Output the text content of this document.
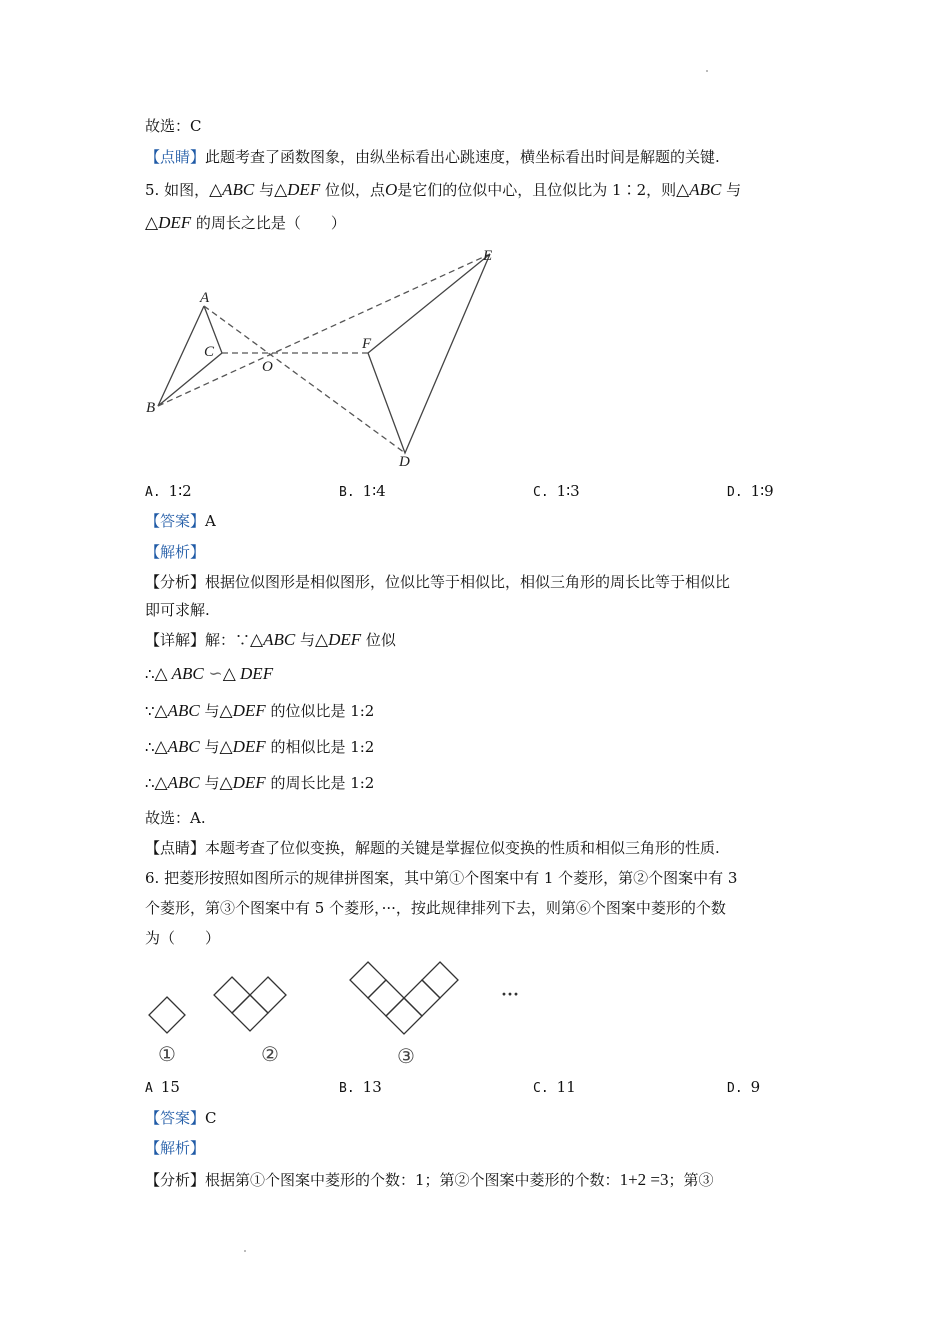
故选：C
【点睛】此题考查了函数图象，由纵坐标看出心跳速度，横坐标看出时间是解题的关键.
5. 如图，△ABC 与△DEF 位似，点O是它们的位似中心，且位似比为 1∶2，则△ABC 与
△DEF 的周长之比是（　　）
A
B
C
D
E
F
O
A. 1∶2	B. 1∶4	C. 1∶3	D. 1∶9
【答案】A
【解析】
【分析】根据位似图形是相似图形，位似比等于相似比，相似三角形的周长比等于相似比
即可求解.
【详解】解：∵△ABC 与△DEF 位似
∴△ ABC ∽△ DEF
∵△ABC 与△DEF 的位似比是 1:2
∴△ABC 与△DEF 的相似比是 1:2
∴△ABC 与△DEF 的周长比是 1:2
故选：A.
【点睛】本题考查了位似变换，解题的关键是掌握位似变换的性质和相似三角形的性质.
6. 把菱形按照如图所示的规律拼图案，其中第①个图案中有 1 个菱形，第②个图案中有 3
个菱形，第③个图案中有 5 个菱形，···，按此规律排列下去，则第⑥个图案中菱形的个数
为（　　）
①	②	③
···
A 15	B. 13	C. 11	D. 9
【答案】C
【解析】
【分析】根据第①个图案中菱形的个数：1；第②个图案中菱形的个数：1+2 =3；第③
